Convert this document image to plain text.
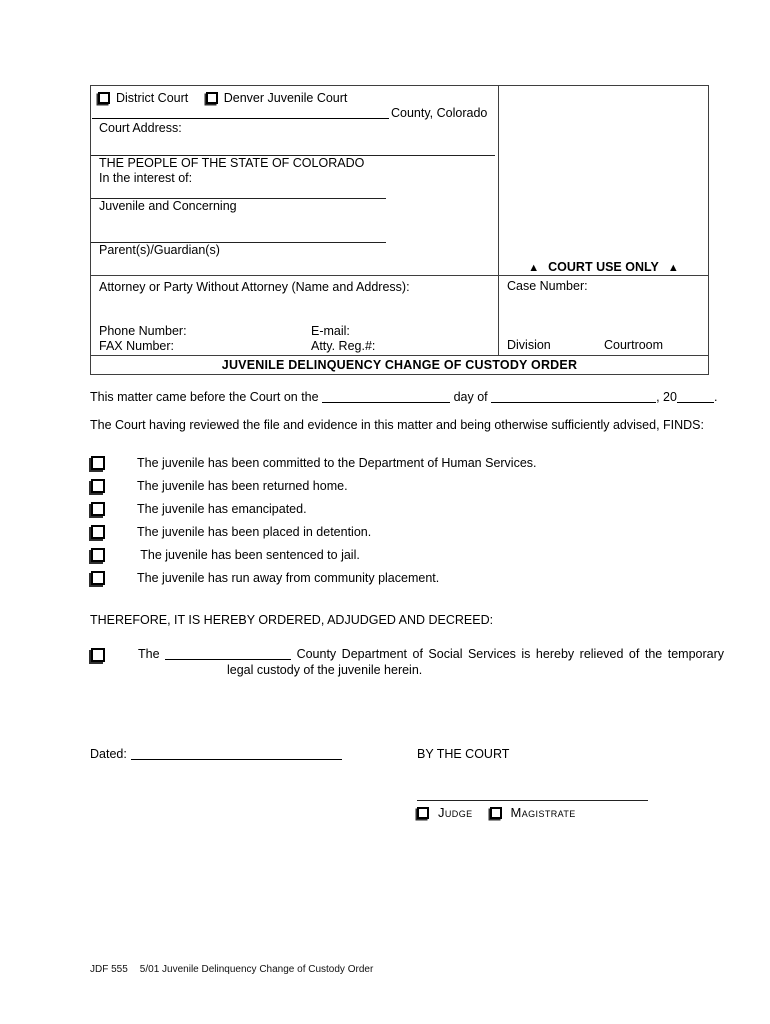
District Court	Denver Juvenile Court
County, Colorado
Court Address:
THE PEOPLE OF THE STATE OF COLORADO
In the interest of:
Juvenile and Concerning
Parent(s)/Guardian(s)
▲ COURT USE ONLY ▲
Attorney or Party Without Attorney (Name and Address):
Phone Number:	E-mail:
FAX Number:	Atty. Reg.#:
Case Number:
Division	Courtroom
JUVENILE DELINQUENCY CHANGE OF CUSTODY ORDER
This matter came before the Court on the	day of	, 20	.
The Court having reviewed the file and evidence in this matter and being otherwise sufficiently advised, FINDS:
The juvenile has been committed to the Department of Human Services.
The juvenile has been returned home.
The juvenile has emancipated.
The juvenile has been placed in detention.
The juvenile has been sentenced to jail.
The juvenile has run away from community placement.
THEREFORE, IT IS HEREBY ORDERED, ADJUDGED AND DECREED:
The	County Department of Social Services is hereby relieved of the temporary
legal custody of the juvenile herein.
Dated:	BY THE COURT
Judge	Magistrate
JDF 555 5/01 Juvenile Delinquency Change of Custody Order
